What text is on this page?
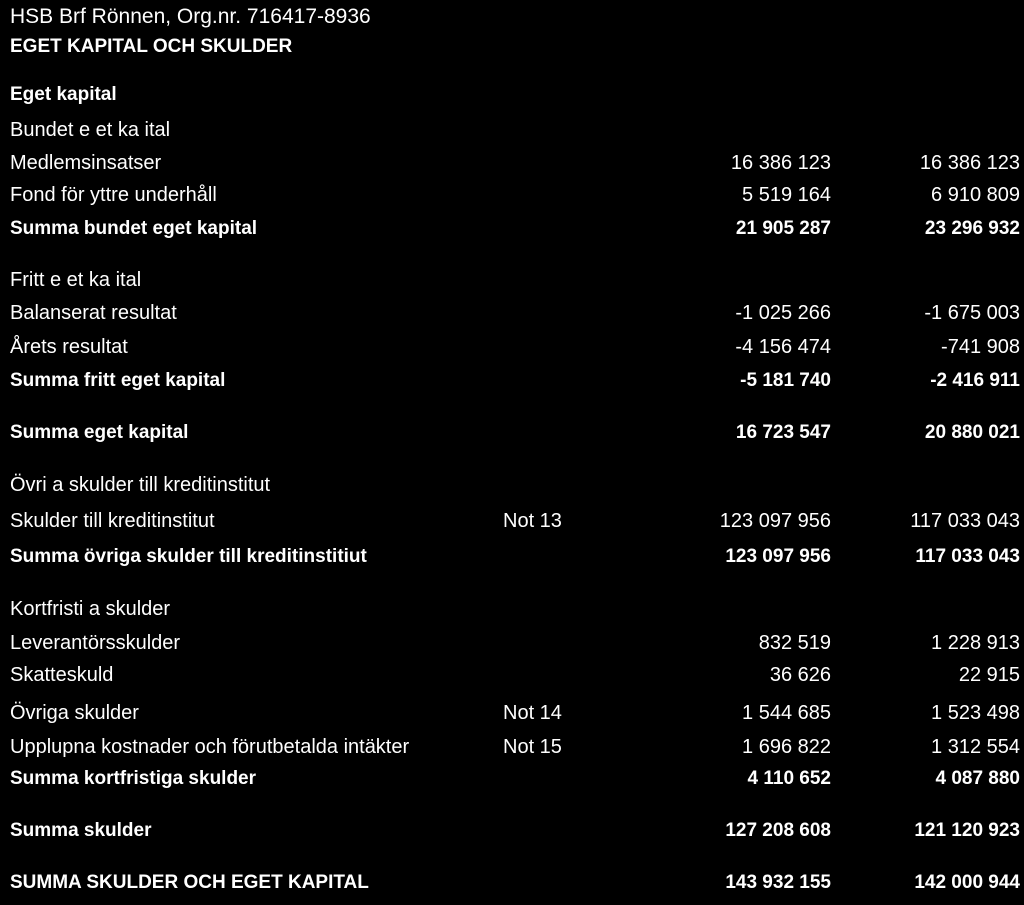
HSB Brf Rönnen, Org.nr. 716417-8936
EGET KAPITAL OCH SKULDER
Eget kapital
Bundet e et ka ital
Medlemsinsatser	16 386 123	16 386 123
Fond för yttre underhåll	5 519 164	6 910 809
Summa bundet eget kapital	21 905 287	23 296 932
Fritt e et ka ital
Balanserat resultat	-1 025 266	-1 675 003
Årets resultat	-4 156 474	-741 908
Summa fritt eget kapital	-5 181 740	-2 416 911
Summa eget kapital	16 723 547	20 880 021
Övri a skulder till kreditinstitut
Skulder till kreditinstitut	Not 13	123 097 956	117 033 043
Summa övriga skulder till kreditinstitiut	123 097 956	117 033 043
Kortfristi a skulder
Leverantörsskulder	832 519	1 228 913
Skatteskuld	36 626	22 915
Övriga skulder	Not 14	1 544 685	1 523 498
Upplupna kostnader och förutbetalda intäkter	Not 15	1 696 822	1 312 554
Summa kortfristiga skulder	4 110 652	4 087 880
Summa skulder	127 208 608	121 120 923
SUMMA SKULDER OCH EGET KAPITAL	143 932 155	142 000 944
